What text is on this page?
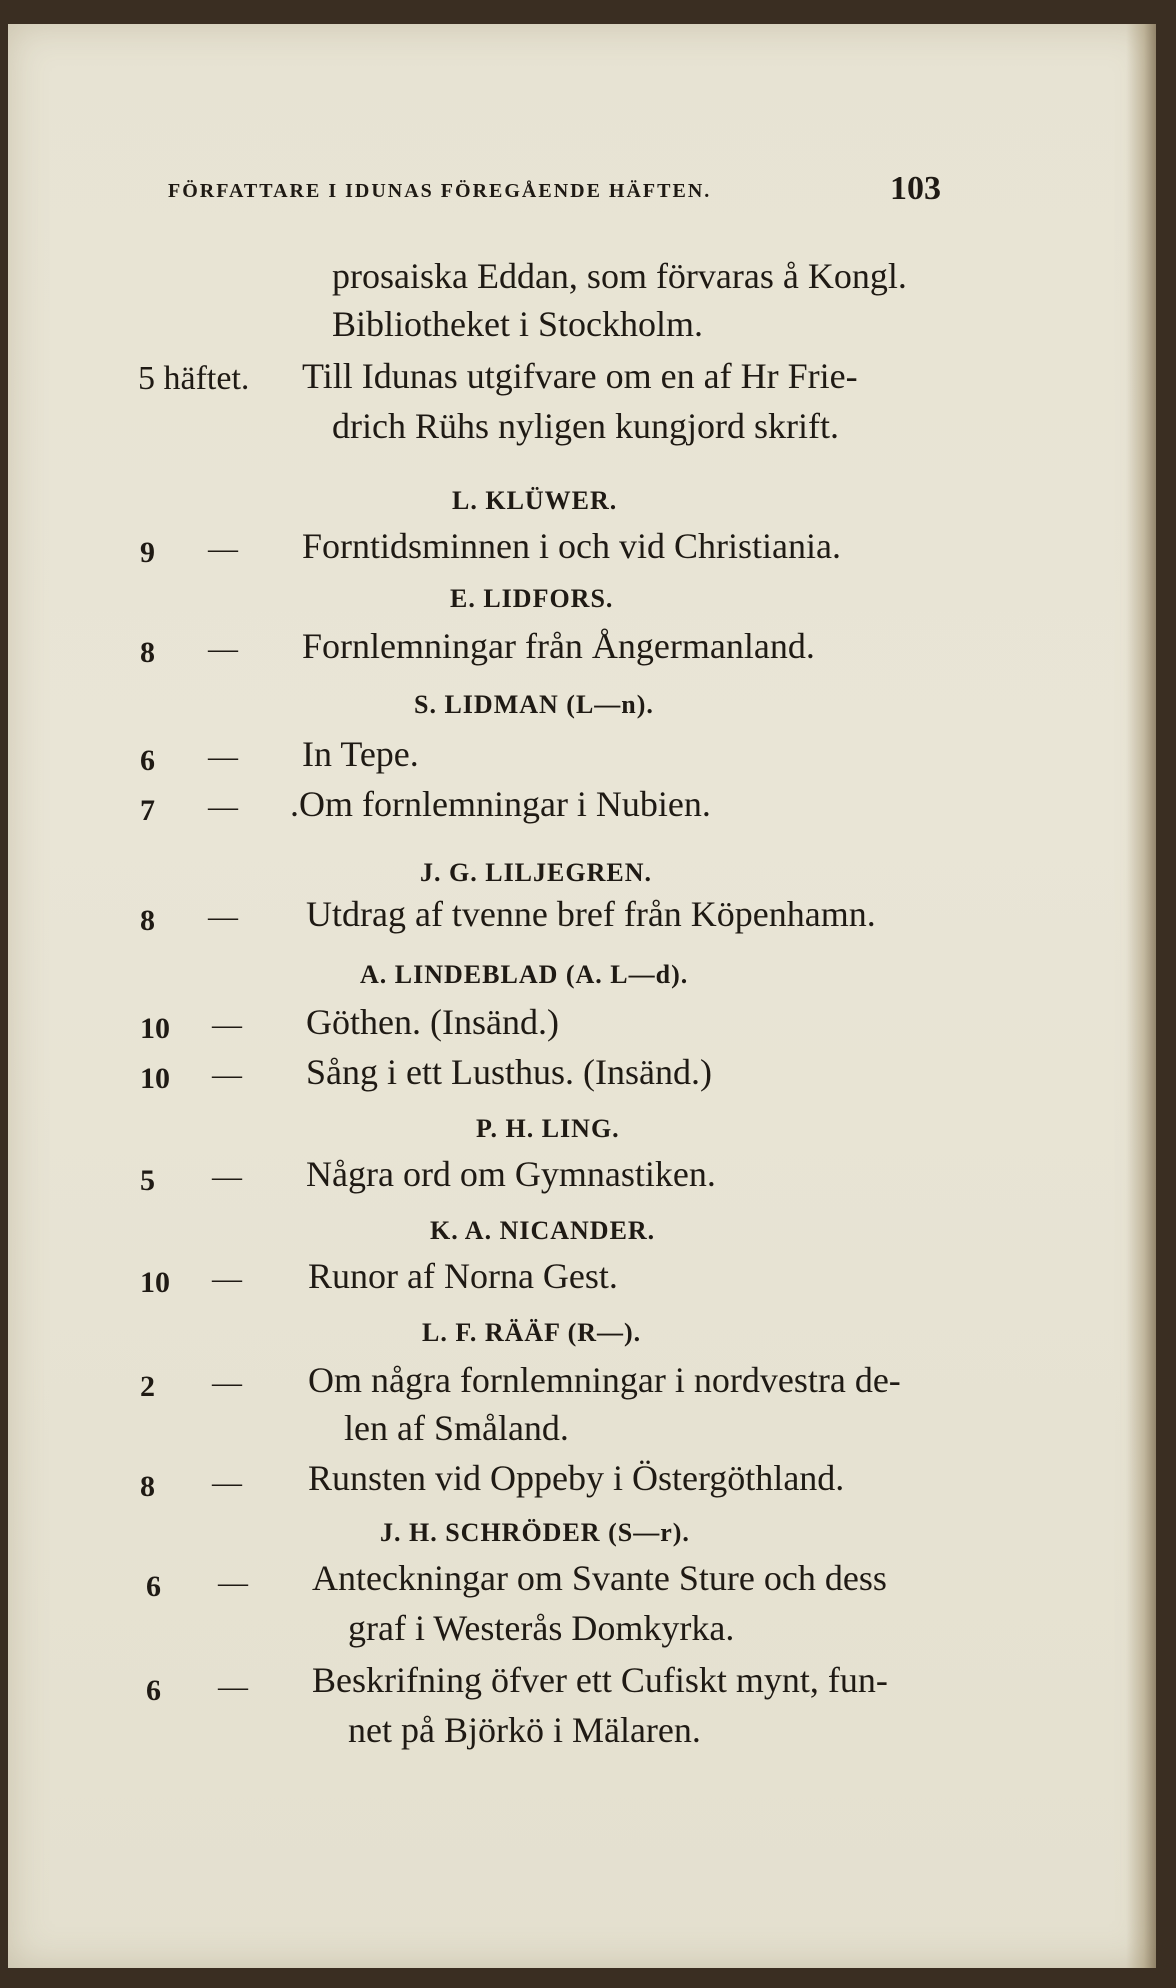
FÖRFATTARE I IDUNAS FÖREGÅENDE HÄFTEN.	103
prosaiska Eddan, som förvaras å Kongl.
Bibliotheket i Stockholm.
5 häftet. Till Idunas utgifvare om en af Hr Frie-
drich Rühs nyligen kungjord skrift.
L. KLÜWER.
9 — Forntidsminnen i och vid Christiania.
E. LIDFORS.
8 — Fornlemningar från Ångermanland.
S. LIDMAN (L—n).
6 — In Tepe.
7 — .Om fornlemningar i Nubien.
J. G. LILJEGREN.
8 — Utdrag af tvenne bref från Köpenhamn.
A. LINDEBLAD (A. L—d).
10 — Göthen. (Insänd.)
10 — Sång i ett Lusthus. (Insänd.)
P. H. LING.
5 — Några ord om Gymnastiken.
K. A. NICANDER.
10 — Runor af Norna Gest.
L. F. RÄÄF (R—).
2 — Om några fornlemningar i nordvestra de-
len af Småland.
8 — Runsten vid Oppeby i Östergöthland.
J. H. SCHRÖDER (S—r).
6 — Anteckningar om Svante Sture och dess
graf i Westerås Domkyrka.
6 — Beskrifning öfver ett Cufiskt mynt, fun-
net på Björkö i Mälaren.
